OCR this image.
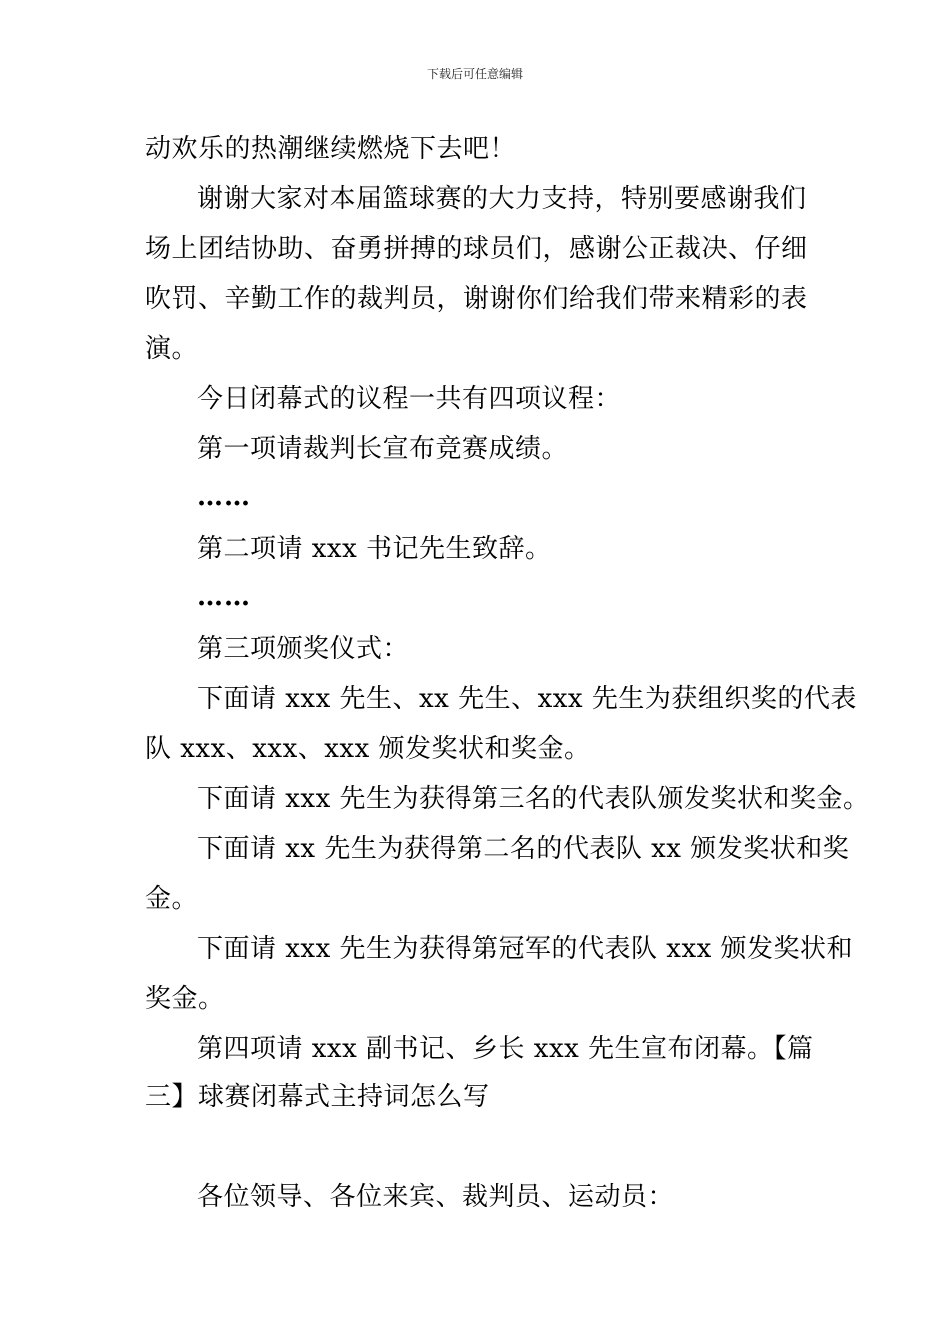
下载后可任意编辑
动欢乐的热潮继续燃烧下去吧！
谢谢大家对本届篮球赛的大力支持，特别要感谢我们
场上团结协助、奋勇拼搏的球员们，感谢公正裁决、仔细
吹罚、辛勤工作的裁判员，谢谢你们给我们带来精彩的表
演。
今日闭幕式的议程一共有四项议程：
第一项请裁判长宣布竞赛成绩。
……
第二项请 xxx 书记先生致辞。
……
第三项颁奖仪式：
下面请 xxx 先生、xx 先生、xxx 先生为获组织奖的代表
队 xxx、xxx、xxx 颁发奖状和奖金。
下面请 xxx 先生为获得第三名的代表队颁发奖状和奖金。
下面请 xx 先生为获得第二名的代表队 xx 颁发奖状和奖
金。
下面请 xxx 先生为获得第冠军的代表队 xxx 颁发奖状和
奖金。
第四项请 xxx 副书记、乡长 xxx 先生宣布闭幕。【篇
三】球赛闭幕式主持词怎么写
各位领导、各位来宾、裁判员、运动员：
